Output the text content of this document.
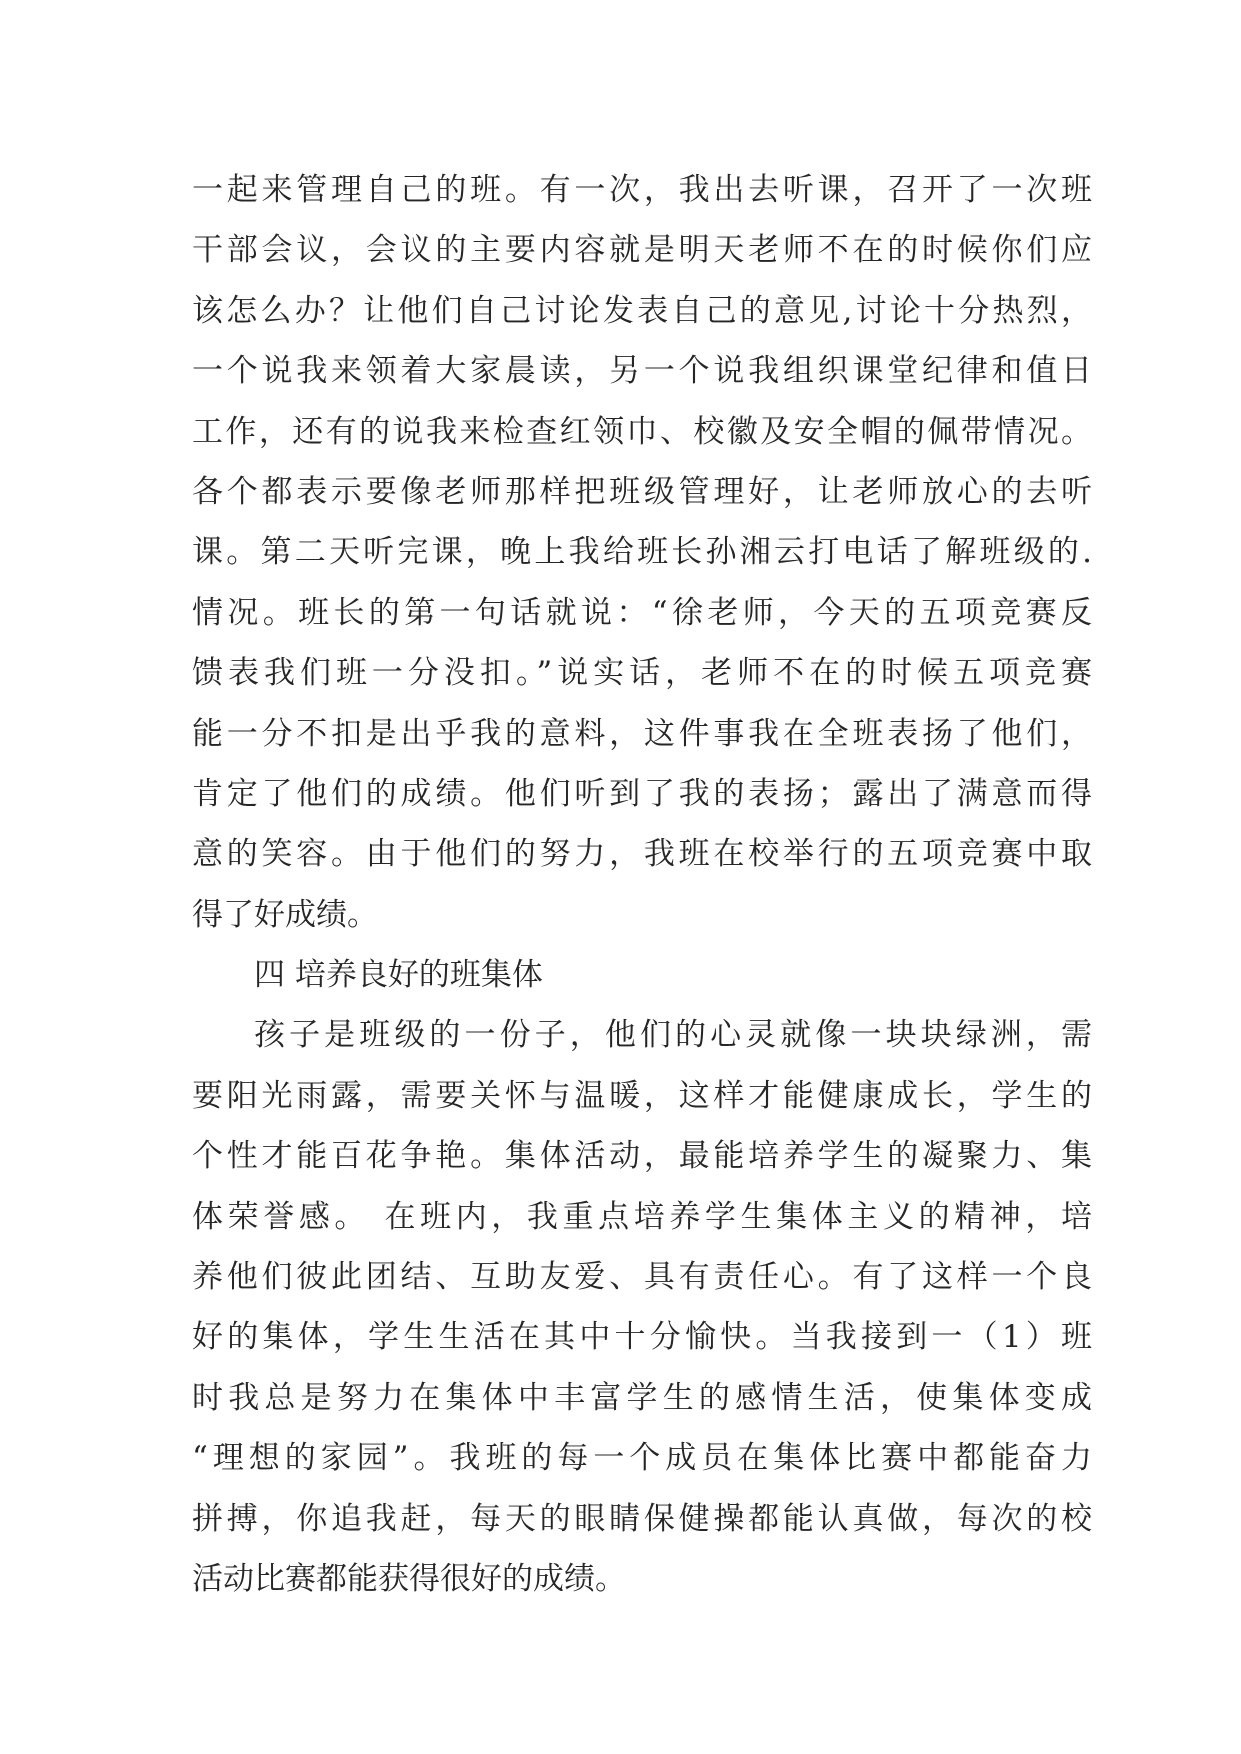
一起来管理自己的班。有一次，我出去听课，召开了一次班
干部会议，会议的主要内容就是明天老师不在的时候你们应
该怎么办？让他们自己讨论发表自己的意见,讨论十分热烈，
一个说我来领着大家晨读，另一个说我组织课堂纪律和值日
工作，还有的说我来检查红领巾、校徽及安全帽的佩带情况。
各个都表示要像老师那样把班级管理好，让老师放心的去听
课。第二天听完课，晚上我给班长孙湘云打电话了解班级的.
情况。班长的第一句话就说：“徐老师，今天的五项竞赛反
馈表我们班一分没扣。”说实话，老师不在的时候五项竞赛
能一分不扣是出乎我的意料，这件事我在全班表扬了他们，
肯定了他们的成绩。他们听到了我的表扬；露出了满意而得
意的笑容。由于他们的努力，我班在校举行的五项竞赛中取
得了好成绩。
四 培养良好的班集体
孩子是班级的一份子，他们的心灵就像一块块绿洲，需
要阳光雨露，需要关怀与温暖，这样才能健康成长，学生的
个性才能百花争艳。集体活动，最能培养学生的凝聚力、集
体荣誉感。 在班内，我重点培养学生集体主义的精神，培
养他们彼此团结、互助友爱、具有责任心。有了这样一个良
好的集体，学生生活在其中十分愉快。当我接到一（1）班
时我总是努力在集体中丰富学生的感情生活，使集体变成
“理想的家园”。我班的每一个成员在集体比赛中都能奋力
拼搏，你追我赶，每天的眼睛保健操都能认真做，每次的校
活动比赛都能获得很好的成绩。
